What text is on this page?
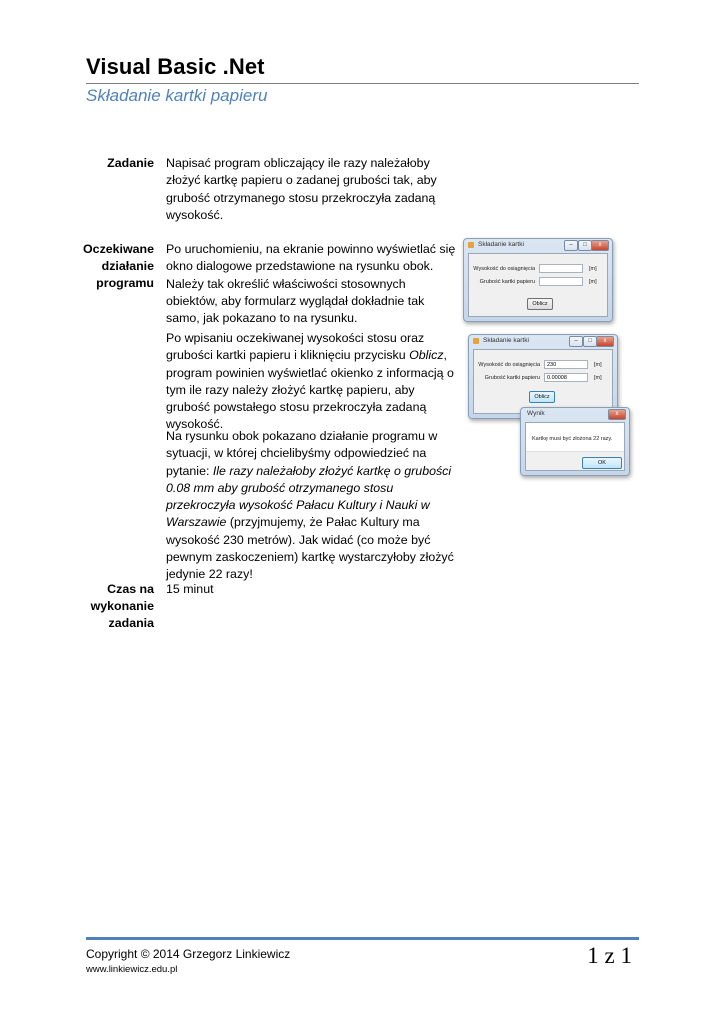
Visual Basic .Net
Składanie kartki papieru
Zadanie Napisać program obliczający ile razy należałoby złożyć kartkę papieru o zadanej grubości tak, aby grubość otrzymanego stosu przekroczyła zadaną wysokość.
Oczekiwane działanie programu
Po uruchomieniu, na ekranie powinno wyświetlać się okno dialogowe przedstawione na rysunku obok. Należy tak określić właściwości stosownych obiektów, aby formularz wyglądał dokładnie tak samo, jak pokazano to na rysunku.
Po wpisaniu oczekiwanej wysokości stosu oraz grubości kartki papieru i kliknięciu przycisku Oblicz, program powinien wyświetlać okienko z informacją o tym ile razy należy złożyć kartkę papieru, aby grubość powstałego stosu przekroczyła zadaną wysokość.
Na rysunku obok pokazano działanie programu w sytuacji, w której chcielibyśmy odpowiedzieć na pytanie: Ile razy należałoby złożyć kartkę o grubości 0.08 mm aby grubość otrzymanego stosu przekroczyła wysokość Pałacu Kultury i Nauki w Warszawie (przyjmujemy, że Pałac Kultury ma wysokość 230 metrów). Jak widać (co może być pewnym zaskoczeniem) kartkę wystarczyłoby złożyć jedynie 22 razy!
Czas na wykonanie zadania
15 minut
Składanie kartki	–	□	x
Wysokość do osiągnięcia	[m]
Grubość kartki papieru	[m]
Oblicz
Składanie kartki	–	□	x
Wysokość do osiągnięcia	230	[m]
Grubość kartki papieru	0.00008	[m]
Oblicz
Wynik	x
Kartkę musi być złożona 22 razy.
OK
Copyright © 2014 Grzegorz Linkiewicz
www.linkiewicz.edu.pl
1 z 1
